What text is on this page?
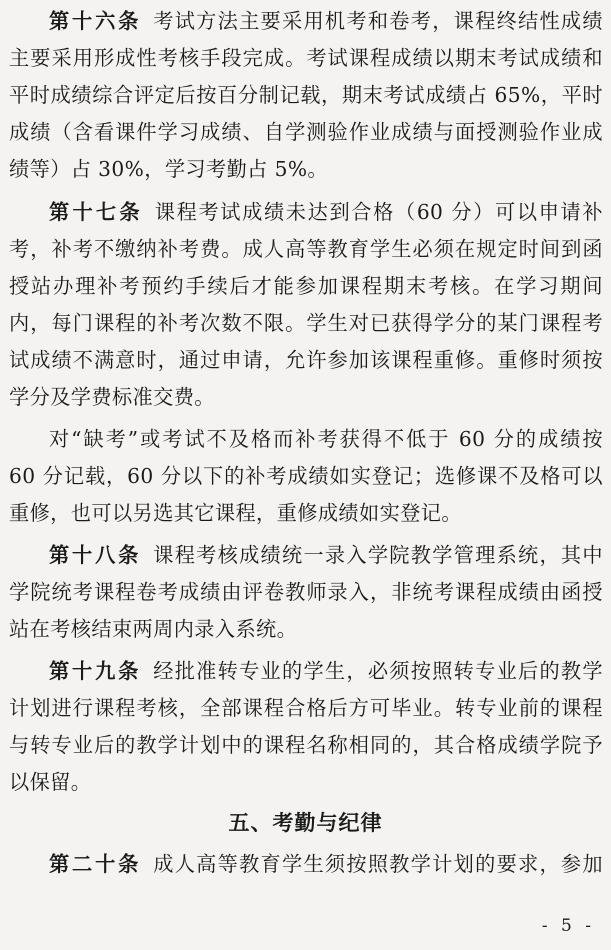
第十六条 考试方法主要采用机考和卷考，课程终结性成绩
主要采用形成性考核手段完成。考试课程成绩以期末考试成绩和
平时成绩综合评定后按百分制记载，期末考试成绩占 65%，平时
成绩（含看课件学习成绩、自学测验作业成绩与面授测验作业成
绩等）占 30%，学习考勤占 5%。
第十七条 课程考试成绩未达到合格（60 分）可以申请补
考，补考不缴纳补考费。成人高等教育学生必须在规定时间到函
授站办理补考预约手续后才能参加课程期末考核。在学习期间
内，每门课程的补考次数不限。学生对已获得学分的某门课程考
试成绩不满意时，通过申请，允许参加该课程重修。重修时须按
学分及学费标准交费。
对“缺考”或考试不及格而补考获得不低于 60 分的成绩按
60 分记载，60 分以下的补考成绩如实登记；选修课不及格可以
重修，也可以另选其它课程，重修成绩如实登记。
第十八条 课程考核成绩统一录入学院教学管理系统，其中
学院统考课程卷考成绩由评卷教师录入，非统考课程成绩由函授
站在考核结束两周内录入系统。
第十九条 经批准转专业的学生，必须按照转专业后的教学
计划进行课程考核，全部课程合格后方可毕业。转专业前的课程
与转专业后的教学计划中的课程名称相同的，其合格成绩学院予
以保留。
五、考勤与纪律
第二十条 成人高等教育学生须按照教学计划的要求，参加
- 5 -
